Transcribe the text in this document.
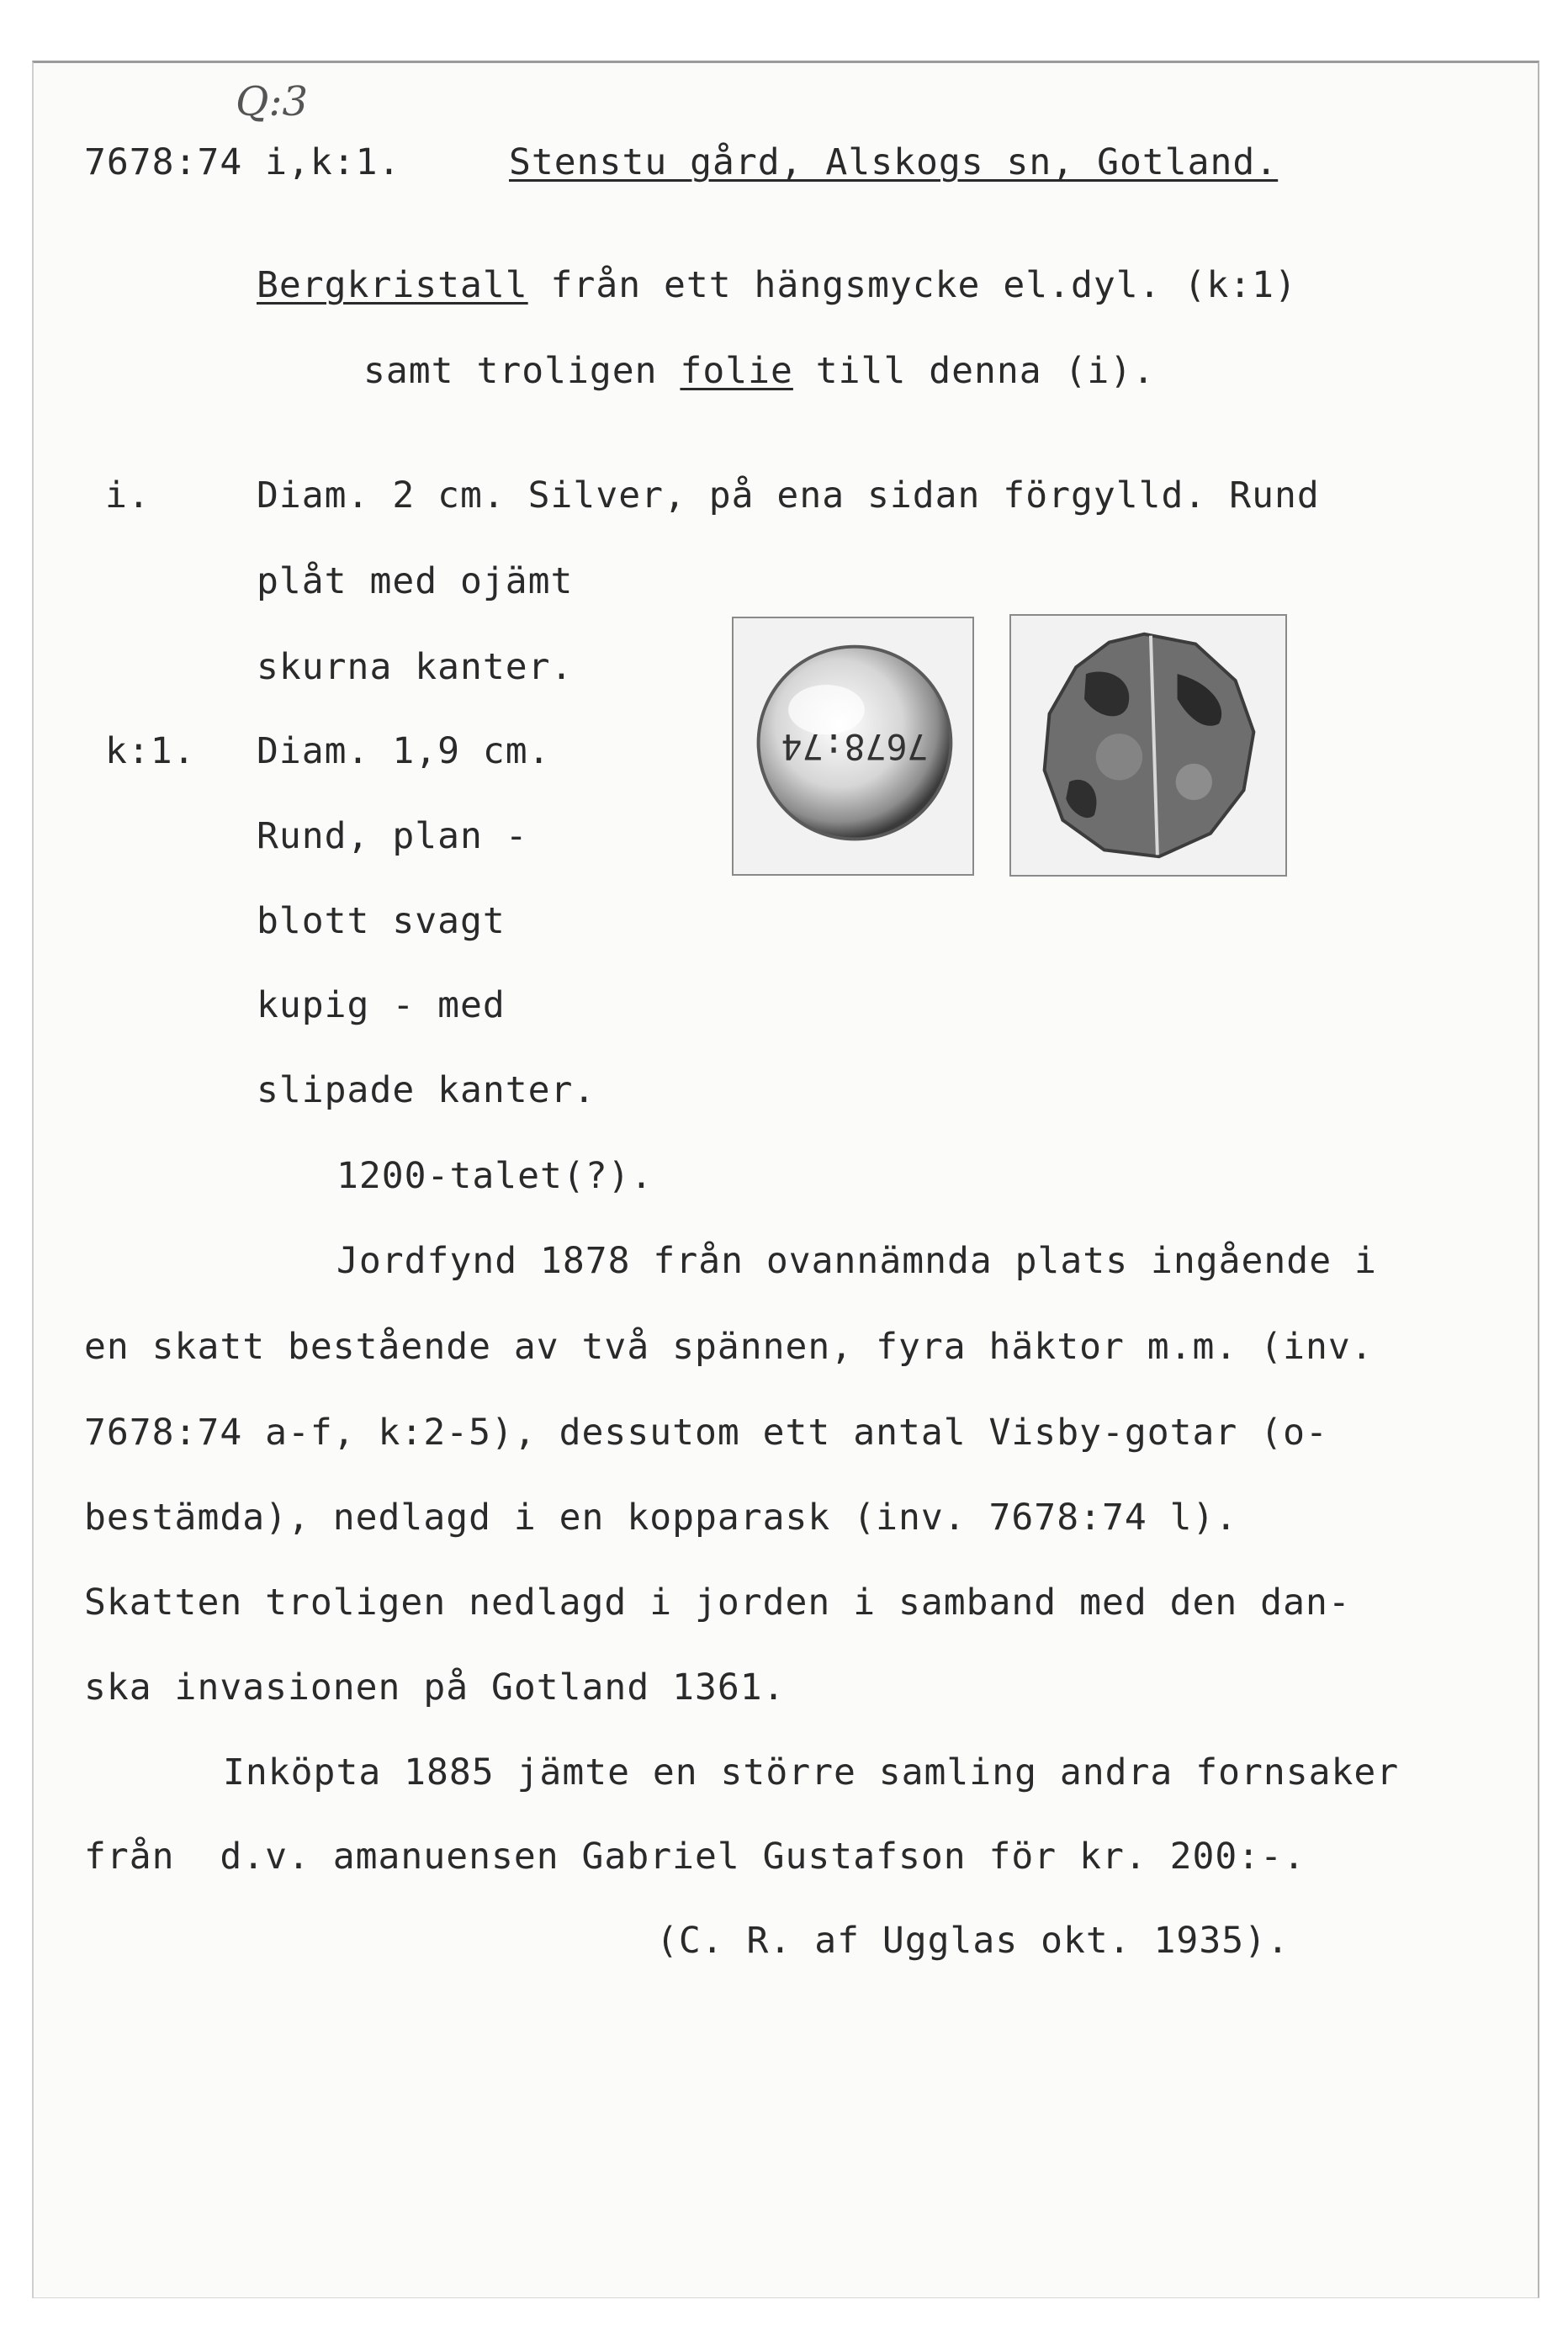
Q:3
7678:74 i,k:1.	Stenstu gård, Alskogs sn, Gotland.
Bergkristall från ett hängsmycke el.dyl. (k:1)
samt troligen folie till denna (i).
i.	Diam. 2 cm. Silver, på ena sidan förgylld. Rund
plåt med ojämt
skurna kanter.
k:1. Diam. 1,9 cm.
Rund, plan -
blott svagt
kupig - med
slipade kanter.
1200-talet(?).
7678:74
Jordfynd 1878 från ovannämnda plats ingående i
en skatt bestående av två spännen, fyra häktor m.m. (inv.
7678:74 a-f, k:2-5), dessutom ett antal Visby-gotar (o-
bestämda), nedlagd i en kopparask (inv. 7678:74 l).
Skatten troligen nedlagd i jorden i samband med den dan-
ska invasionen på Gotland 1361.
Inköpta 1885 jämte en större samling andra fornsaker
från  d.v. amanuensen Gabriel Gustafson för kr. 200:-.
(C. R. af Ugglas okt. 1935).
